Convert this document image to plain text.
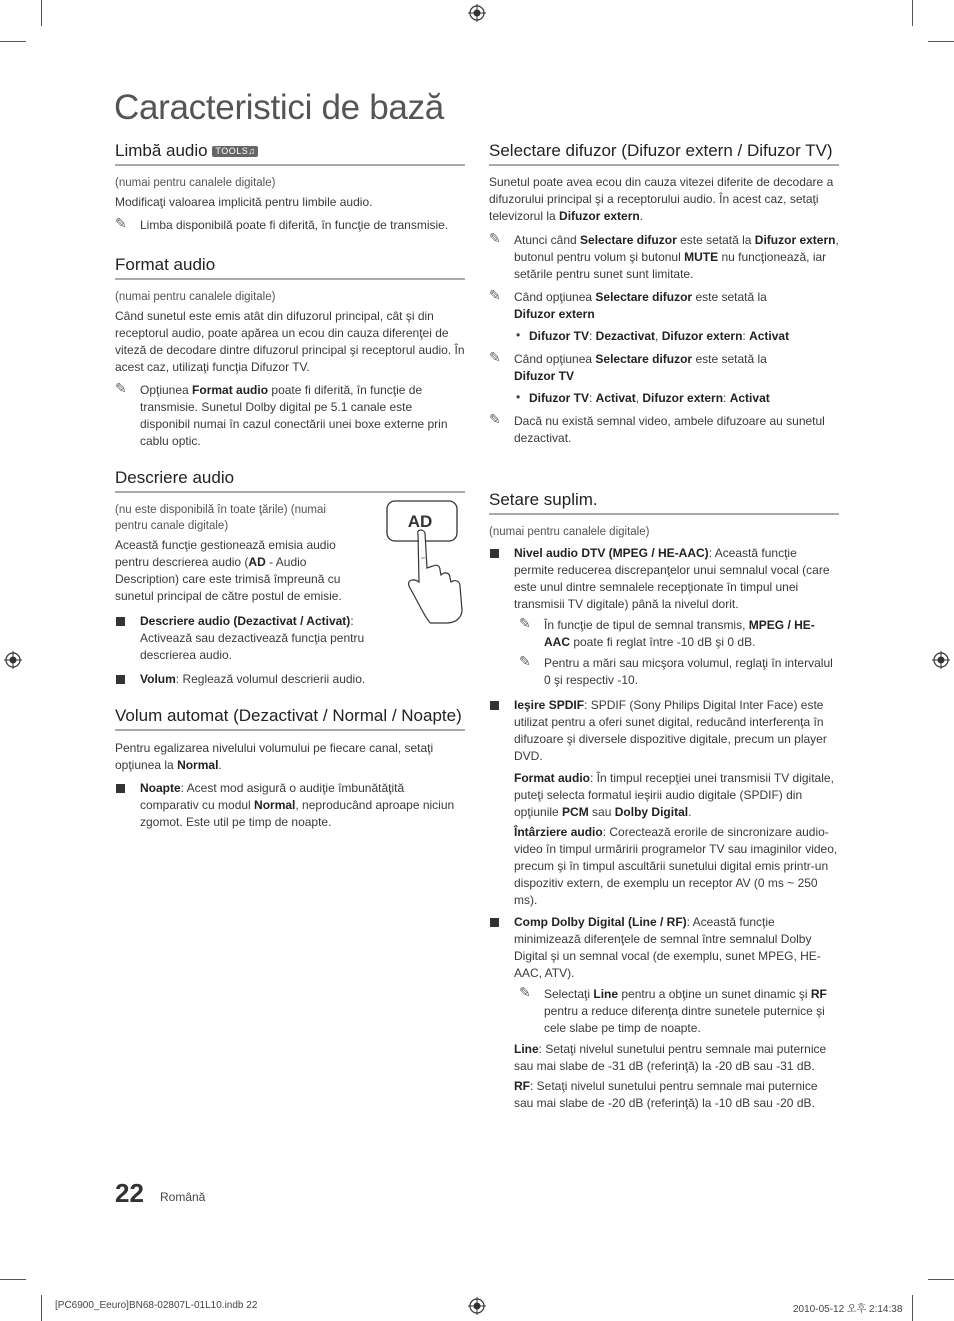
Caracteristici de bază
Limbă audio TOOLS♫
(numai pentru canalele digitale)
Modificaţi valoarea implicită pentru limbile audio.
✎ Limba disponibilă poate fi diferită, în funcţie de transmisie.
Format audio
(numai pentru canalele digitale)
Când sunetul este emis atât din difuzorul principal, cât şi din receptorul audio, poate apărea un ecou din cauza diferenţei de viteză de decodare dintre difuzorul principal şi receptorul audio. În acest caz, utilizaţi funcţia Difuzor TV.
✎ Opţiunea Format audio poate fi diferită, în funcţie de transmisie. Sunetul Dolby digital pe 5.1 canale este disponibil numai în cazul conectării unei boxe externe prin cablu optic.
Descriere audio
(nu este disponibilă în toate ţările) (numai pentru canale digitale)
Această funcţie gestionează emisia audio pentru descrierea audio (AD - Audio Description) care este trimisă împreună cu sunetul principal de către postul de emisie.
Descriere audio (Dezactivat / Activat): Activează sau dezactivează funcţia pentru descrierea audio.
Volum: Reglează volumul descrierii audio.
AD
Volum automat (Dezactivat / Normal / Noapte)
Pentru egalizarea nivelului volumului pe fiecare canal, setaţi opţiunea la Normal.
Noapte: Acest mod asigură o audiţie îmbunătăţită comparativ cu modul Normal, neproducând aproape niciun zgomot. Este util pe timp de noapte.
Selectare difuzor (Difuzor extern / Difuzor TV)
Sunetul poate avea ecou din cauza vitezei diferite de decodare a difuzorului principal şi a receptorului audio. În acest caz, setaţi televizorul la Difuzor extern.
✎ Atunci când Selectare difuzor este setată la Difuzor extern, butonul pentru volum şi butonul MUTE nu funcţionează, iar setările pentru sunet sunt limitate.
✎ Când opţiunea Selectare difuzor este setată la
Difuzor extern
• Difuzor TV: Dezactivat, Difuzor extern: Activat
✎ Când opţiunea Selectare difuzor este setată la
Difuzor TV
• Difuzor TV: Activat, Difuzor extern: Activat
✎ Dacă nu există semnal video, ambele difuzoare au sunetul dezactivat.
Setare suplim.
(numai pentru canalele digitale)
Nivel audio DTV (MPEG / HE-AAC): Această funcţie permite reducerea discrepanţelor unui semnalul vocal (care este unul dintre semnalele recepţionate în timpul unei transmisii TV digitale) până la nivelul dorit.
✎ În funcţie de tipul de semnal transmis, MPEG / HE-AAC poate fi reglat între -10 dB şi 0 dB.
✎ Pentru a mări sau micşora volumul, reglaţi în intervalul 0 şi respectiv -10.
Ieşire SPDIF: SPDIF (Sony Philips Digital Inter Face) este utilizat pentru a oferi sunet digital, reducând interferenţa în difuzoare şi diversele dispozitive digitale, precum un player DVD.
Format audio: În timpul recepţiei unei transmisii TV digitale, puteţi selecta formatul ieşirii audio digitale (SPDIF) din opţiunile PCM sau Dolby Digital.
Întârziere audio: Corectează erorile de sincronizare audio-video în timpul urmăririi programelor TV sau imaginilor video, precum şi în timpul ascultării sunetului digital emis printr-un dispozitiv extern, de exemplu un receptor AV (0 ms ~ 250 ms).
Comp Dolby Digital (Line / RF): Această funcţie minimizează diferenţele de semnal între semnalul Dolby Digital şi un semnal vocal (de exemplu, sunet MPEG, HE-AAC, ATV).
✎ Selectaţi Line pentru a obţine un sunet dinamic şi RF pentru a reduce diferenţa dintre sunetele puternice şi cele slabe pe timp de noapte.
Line: Setaţi nivelul sunetului pentru semnale mai puternice sau mai slabe de -31 dB (referinţă) la -20 dB sau -31 dB.
RF: Setaţi nivelul sunetului pentru semnale mai puternice sau mai slabe de -20 dB (referinţă) la -10 dB sau -20 dB.
22 Română
[PC6900_Eeuro]BN68-02807L-01L10.indb 22	2010-05-12 오후 2:14:38
